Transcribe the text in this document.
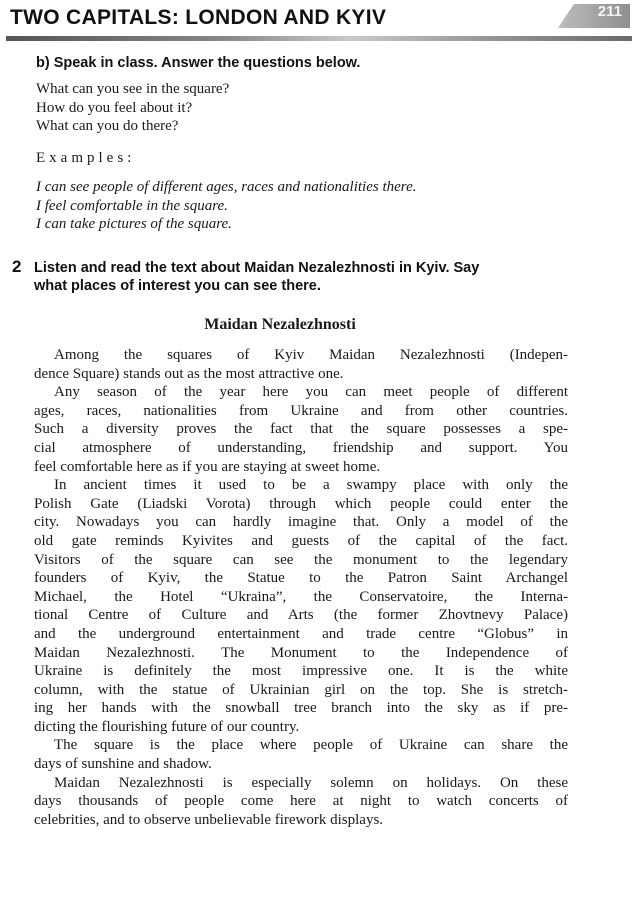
TWO CAPITALS: LONDON AND KYIV	211
b) Speak in class. Answer the questions below.
What can you see in the square?
How do you feel about it?
What can you do there?
Examples:
I can see people of different ages, races and nationalities there.
I feel comfortable in the square.
I can take pictures of the square.
2 Listen and read the text about Maidan Nezalezhnosti in Kyiv. Say
what places of interest you can see there.
Maidan Nezalezhnosti

Among the squares of Kyiv Maidan Nezalezhnosti (Indepen-
dence Square) stands out as the most attractive one.

Any season of the year here you can meet people of different
ages, races, nationalities from Ukraine and from other countries.
Such a diversity proves the fact that the square possesses a spe-
cial atmosphere of understanding, friendship and support. You
feel comfortable here as if you are staying at sweet home.

In ancient times it used to be a swampy place with only the
Polish Gate (Liadski Vorota) through which people could enter the
city. Nowadays you can hardly imagine that. Only a model of the
old gate reminds Kyivites and guests of the capital of the fact.
Visitors of the square can see the monument to the legendary
founders of Kyiv, the Statue to the Patron Saint Archangel
Michael, the Hotel “Ukraina”, the Conservatoire, the Interna-
tional Centre of Culture and Arts (the former Zhovtnevy Palace)
and the underground entertainment and trade centre “Globus” in
Maidan Nezalezhnosti. The Monument to the Independence of
Ukraine is definitely the most impressive one. It is the white
column, with the statue of Ukrainian girl on the top. She is stretch-
ing her hands with the snowball tree branch into the sky as if pre-
dicting the flourishing future of our country.

The square is the place where people of Ukraine can share the
days of sunshine and shadow.

Maidan Nezalezhnosti is especially solemn on holidays. On these
days thousands of people come here at night to watch concerts of
celebrities, and to observe unbelievable firework displays.
